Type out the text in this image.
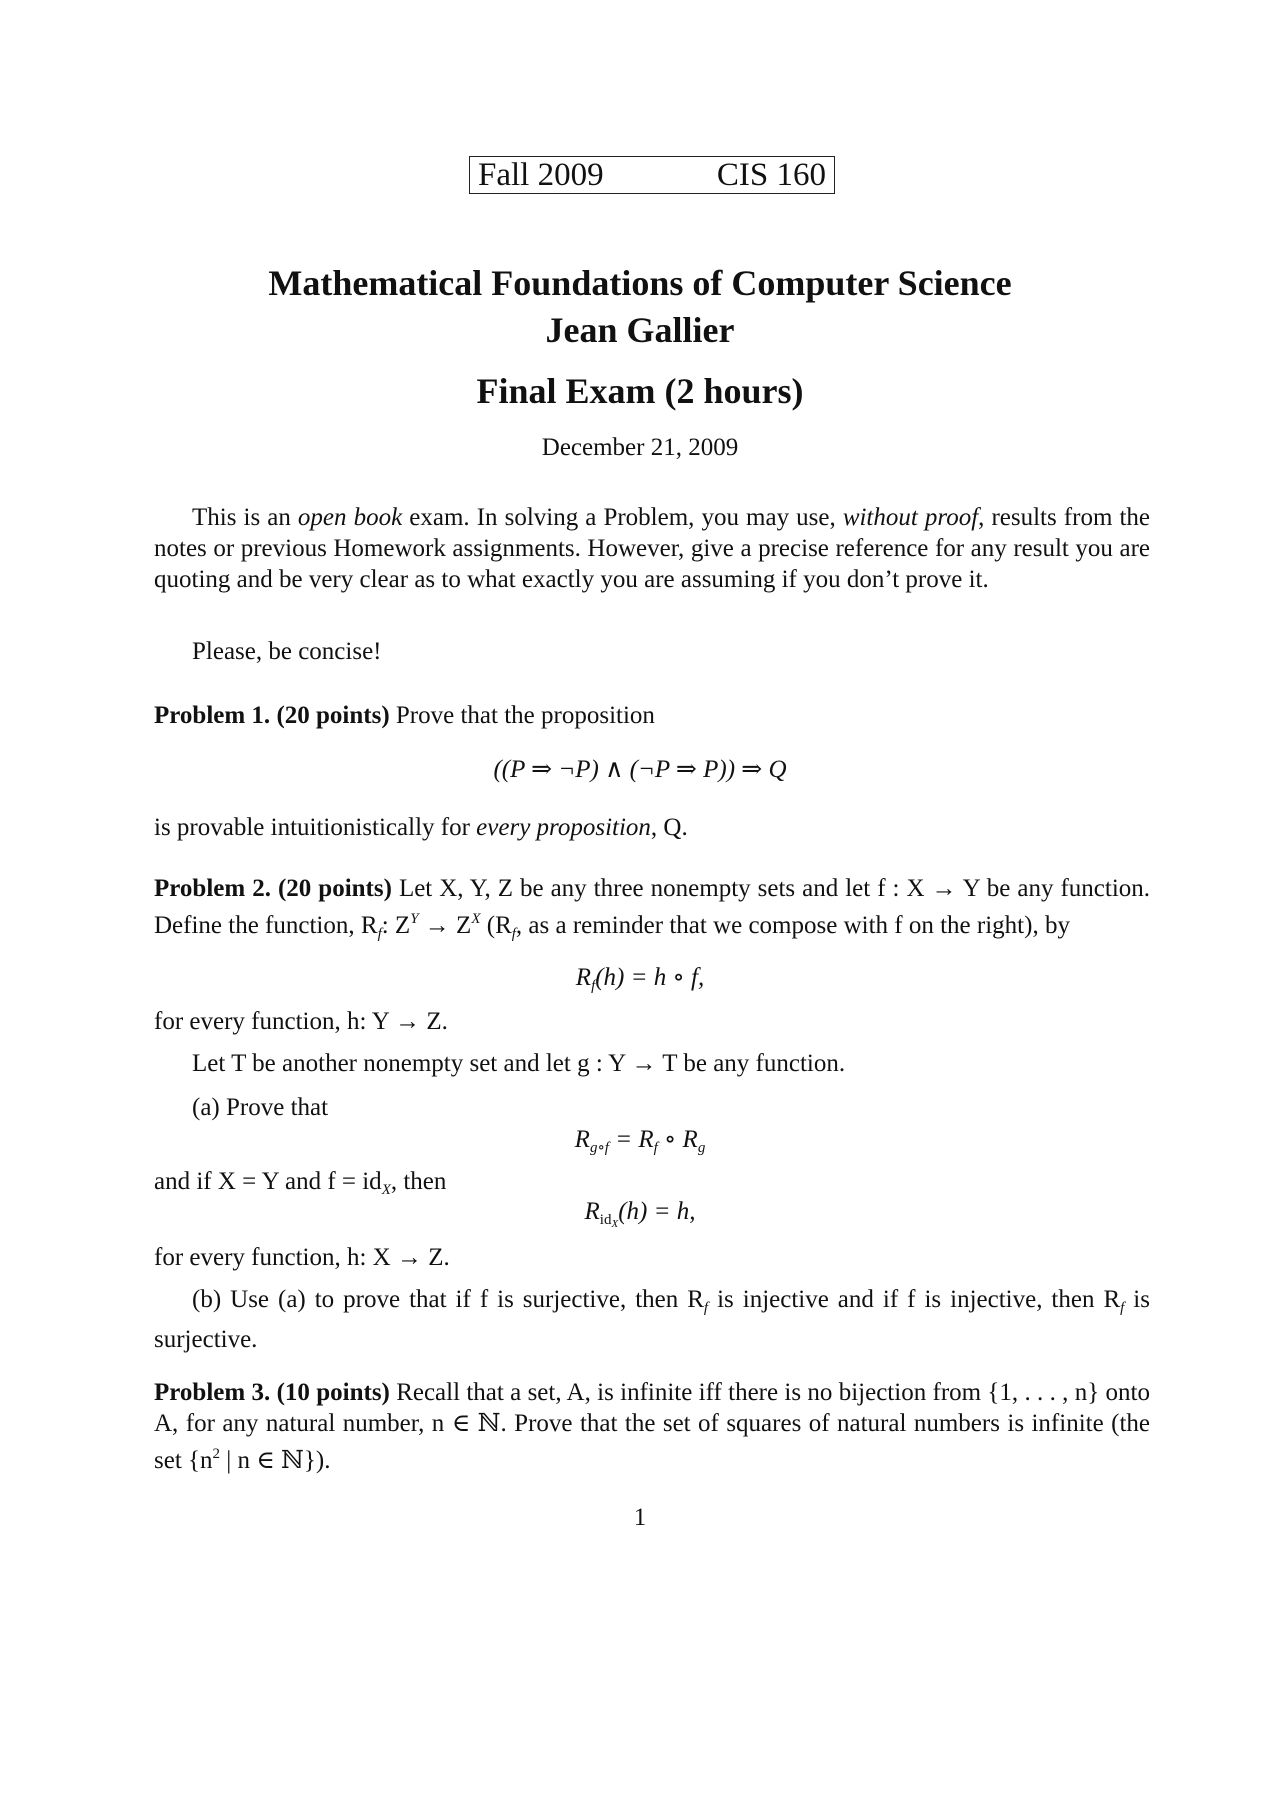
Fall 2009	CIS 160
Mathematical Foundations of Computer Science
Jean Gallier
Final Exam (2 hours)
December 21, 2009
This is an open book exam. In solving a Problem, you may use, without proof, results from the notes or previous Homework assignments. However, give a precise reference for any result you are quoting and be very clear as to what exactly you are assuming if you don’t prove it.
Please, be concise!
Problem 1. (20 points) Prove that the proposition
((P ⇒ ¬P) ∧ (¬P ⇒ P)) ⇒ Q
is provable intuitionistically for every proposition, Q.
Problem 2. (20 points) Let X, Y, Z be any three nonempty sets and let f : X → Y be any function. Define the function, $R_f$: $Z^Y \to Z^X$ ($R_f$, as a reminder that we compose with f on the right), by
$R_f(h) = h$ ∘ f,
for every function, h: Y → Z.
Let T be another nonempty set and let g : Y → T be any function.
(a) Prove that
$R_{g\circ f} = R_f$ ∘ $R_g$
and if X = Y and $f = id_X$, then
$R_{idX}(h) = h$,
for every function, h: X → Z.
(b) Use (a) to prove that if f is surjective, then $R_f$ is injective and if f is injective, then $R_f$ is surjective.
Problem 3. (10 points) Recall that a set, A, is infinite iff there is no bijection from {1, . . . , n} onto A, for any natural number, n ∈ ℕ. Prove that the set of squares of natural numbers is infinite (the set {$n^2$ | n ∈ ℕ}).
1
